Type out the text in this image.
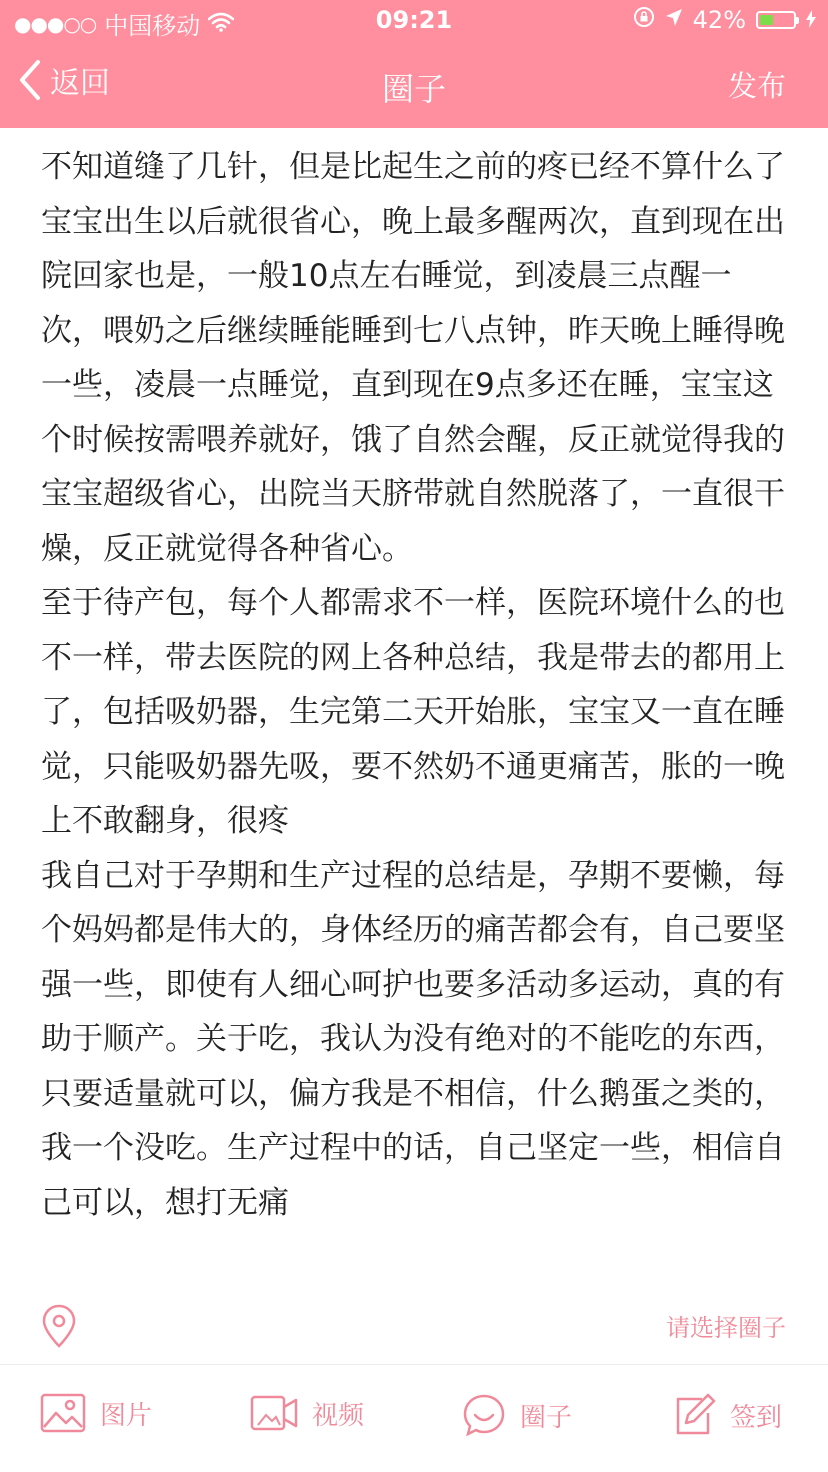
●●●○○ 中国移动	09:21	42%
返回	圈子	发布

不知道缝了几针，但是比起生之前的疼已经不算什么了

宝宝出生以后就很省心，晚上最多醒两次，直到现在出院回家也是，一般10点左右睡觉，到凌晨三点醒一次，喂奶之后继续睡能睡到七八点钟，昨天晚上睡得晚一些，凌晨一点睡觉，直到现在9点多还在睡，宝宝这个时候按需喂养就好，饿了自然会醒，反正就觉得我的宝宝超级省心，出院当天脐带就自然脱落了，一直很干燥，反正就觉得各种省心。

至于待产包，每个人都需求不一样，医院环境什么的也不一样，带去医院的网上各种总结，我是带去的都用上了，包括吸奶器，生完第二天开始胀，宝宝又一直在睡觉，只能吸奶器先吸，要不然奶不通更痛苦，胀的一晚上不敢翻身，很疼

我自己对于孕期和生产过程的总结是，孕期不要懒，每个妈妈都是伟大的，身体经历的痛苦都会有，自己要坚强一些，即使有人细心呵护也要多活动多运动，真的有助于顺产。关于吃，我认为没有绝对的不能吃的东西，只要适量就可以，偏方我是不相信，什么鹅蛋之类的，我一个没吃。生产过程中的话，自己坚定一些，相信自己可以，想打无痛

请选择圈子
图片	视频	圈子	签到
